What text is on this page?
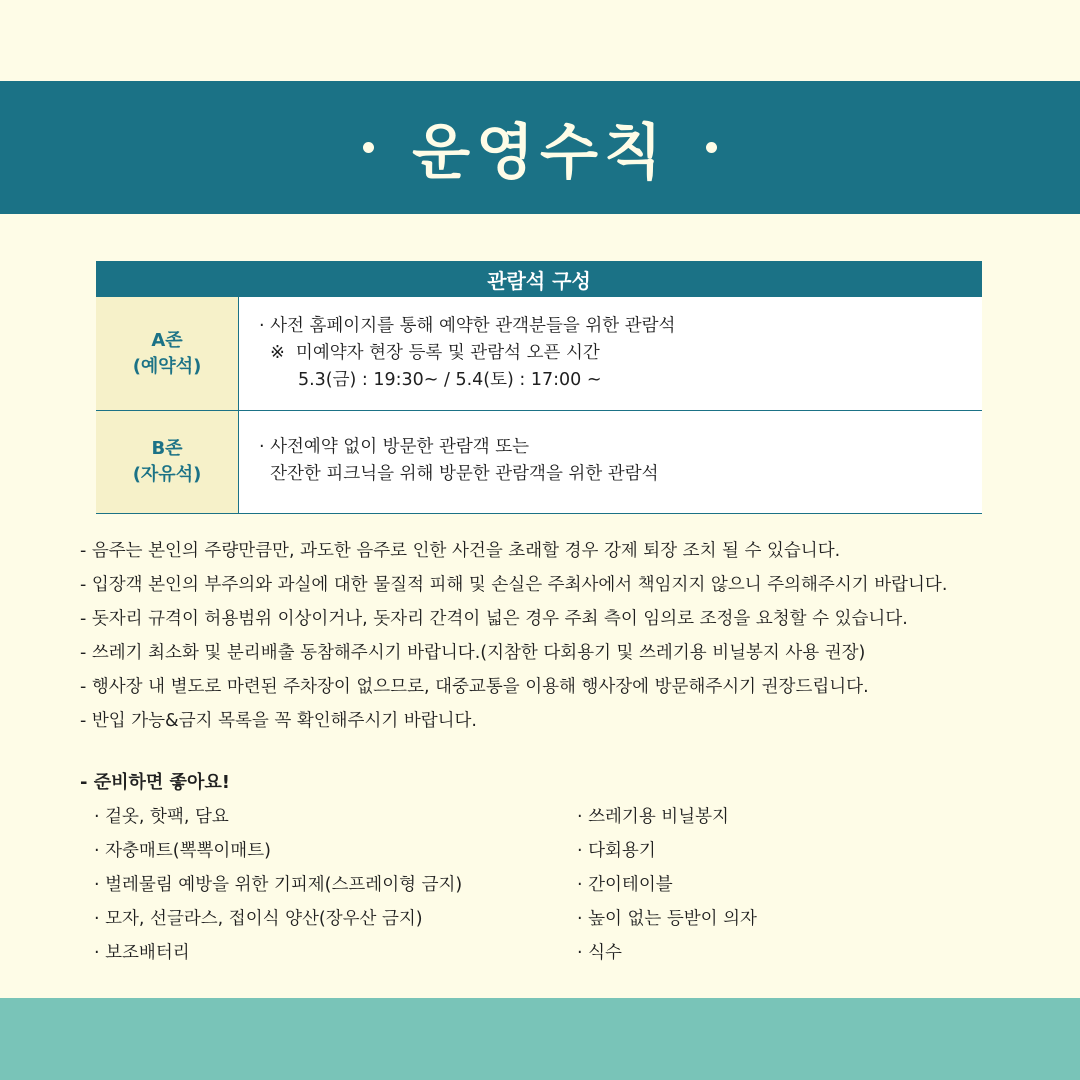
운영수칙
관람석 구성
A존
(예약석)
· 사전 홈페이지를 통해 예약한 관객분들을 위한 관람석
※  미예약자 현장 등록 및 관람석 오픈 시간
5.3(금) : 19:30~ / 5.4(토) : 17:00 ~
B존
(자유석)
· 사전예약 없이 방문한 관람객 또는
잔잔한 피크닉을 위해 방문한 관람객을 위한 관람석
- 음주는 본인의 주량만큼만, 과도한 음주로 인한 사건을 초래할 경우 강제 퇴장 조치 될 수 있습니다.
- 입장객 본인의 부주의와 과실에 대한 물질적 피해 및 손실은 주최사에서 책임지지 않으니 주의해주시기 바랍니다.
- 돗자리 규격이 허용범위 이상이거나, 돗자리 간격이 넓은 경우 주최 측이 임의로 조정을 요청할 수 있습니다.
- 쓰레기 최소화 및 분리배출 동참해주시기 바랍니다.(지참한 다회용기 및 쓰레기용 비닐봉지 사용 권장)
- 행사장 내 별도로 마련된 주차장이 없으므로, 대중교통을 이용해 행사장에 방문해주시기 권장드립니다.
- 반입 가능&금지 목록을 꼭 확인해주시기 바랍니다.
- 준비하면 좋아요!
· 겉옷, 핫팩, 담요
· 자충매트(뽁뽁이매트)
· 벌레물림 예방을 위한 기피제(스프레이형 금지)
· 모자, 선글라스, 접이식 양산(장우산 금지)
· 보조배터리
· 쓰레기용 비닐봉지
· 다회용기
· 간이테이블
· 높이 없는 등받이 의자
· 식수
